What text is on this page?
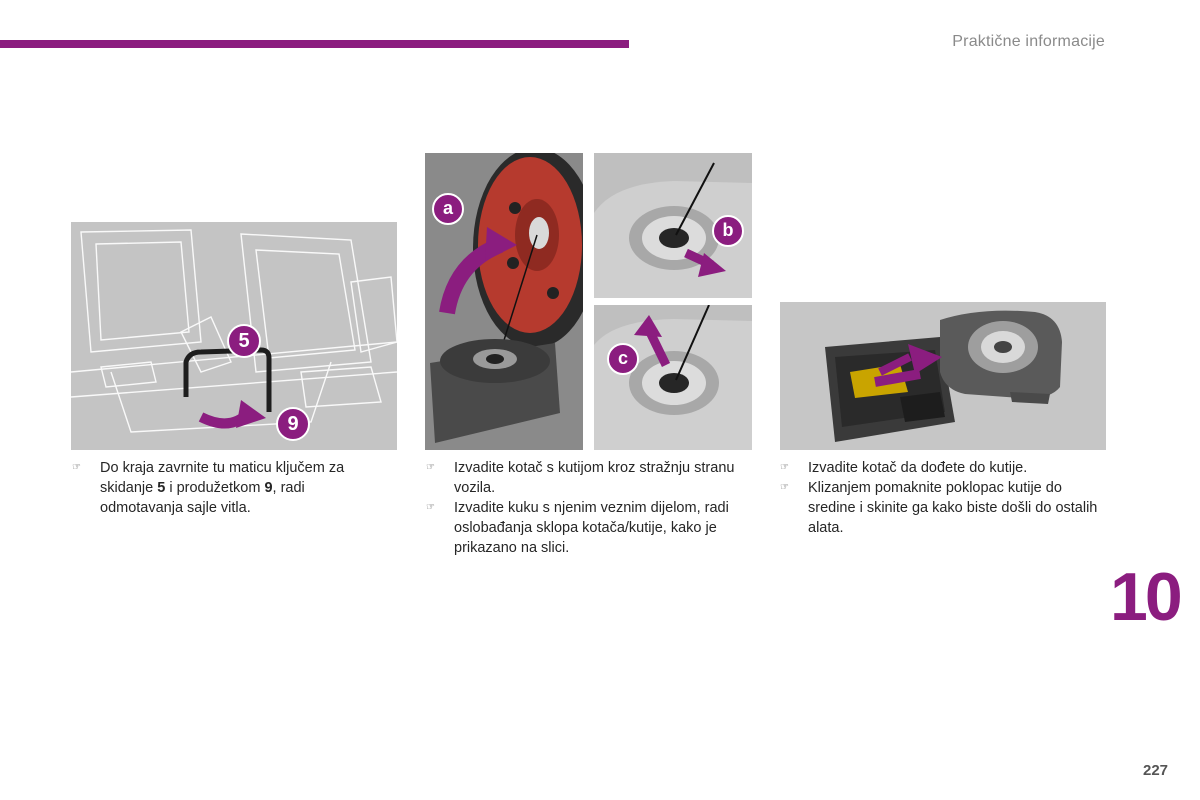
Praktične informacije
5
9
a
b
c
☞ Do kraja zavrnite tu maticu ključem za skidanje 5 i produžetkom 9, radi odmotavanja sajle vitla.
☞ Izvadite kotač s kutijom kroz stražnju stranu vozila.
☞ Izvadite kuku s njenim veznim dijelom, radi oslobađanja sklopa kotača/kutije, kako je prikazano na slici.
☞ Izvadite kotač da dođete do kutije.
☞ Klizanjem pomaknite poklopac kutije do sredine i skinite ga kako biste došli do ostalih alata.
10
227
